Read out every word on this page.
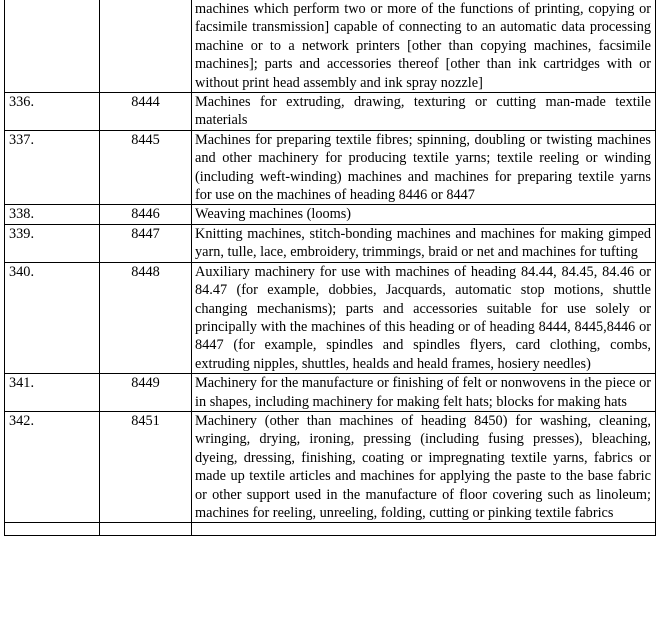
		machines which perform two or more of the functions of printing, copying or facsimile transmission] capable of connecting to an automatic data processing machine or to a network printers [other than copying machines, facsimile machines]; parts and accessories thereof [other than ink cartridges with or without print head assembly and ink spray nozzle]
336.	8444	Machines for extruding, drawing, texturing or cutting man-made textile materials
337.	8445	Machines for preparing textile fibres; spinning, doubling or twisting machines and other machinery for producing textile yarns; textile reeling or winding (including weft-winding) machines and machines for preparing textile yarns for use on the machines of heading 8446 or 8447
338.	8446	Weaving machines (looms)
339.	8447	Knitting machines, stitch-bonding machines and machines for making gimped yarn, tulle, lace, embroidery, trimmings, braid or net and machines for tufting
340.	8448	Auxiliary machinery for use with machines of heading 84.44, 84.45, 84.46 or 84.47 (for example, dobbies, Jacquards, automatic stop motions, shuttle changing mechanisms); parts and accessories suitable for use solely or principally with the machines of this heading or of heading 8444, 8445,8446 or 8447 (for example, spindles and spindles flyers, card clothing, combs, extruding nipples, shuttles, healds and heald frames, hosiery needles)
341.	8449	Machinery for the manufacture or finishing of felt or nonwovens in the piece or in shapes, including machinery for making felt hats; blocks for making hats
342.	8451	Machinery (other than machines of heading 8450) for washing, cleaning, wringing, drying, ironing, pressing (including fusing presses), bleaching, dyeing, dressing, finishing, coating or impregnating textile yarns, fabrics or made up textile articles and machines for applying the paste to the base fabric or other support used in the manufacture of floor covering such as linoleum; machines for reeling, unreeling, folding, cutting or pinking textile fabrics
